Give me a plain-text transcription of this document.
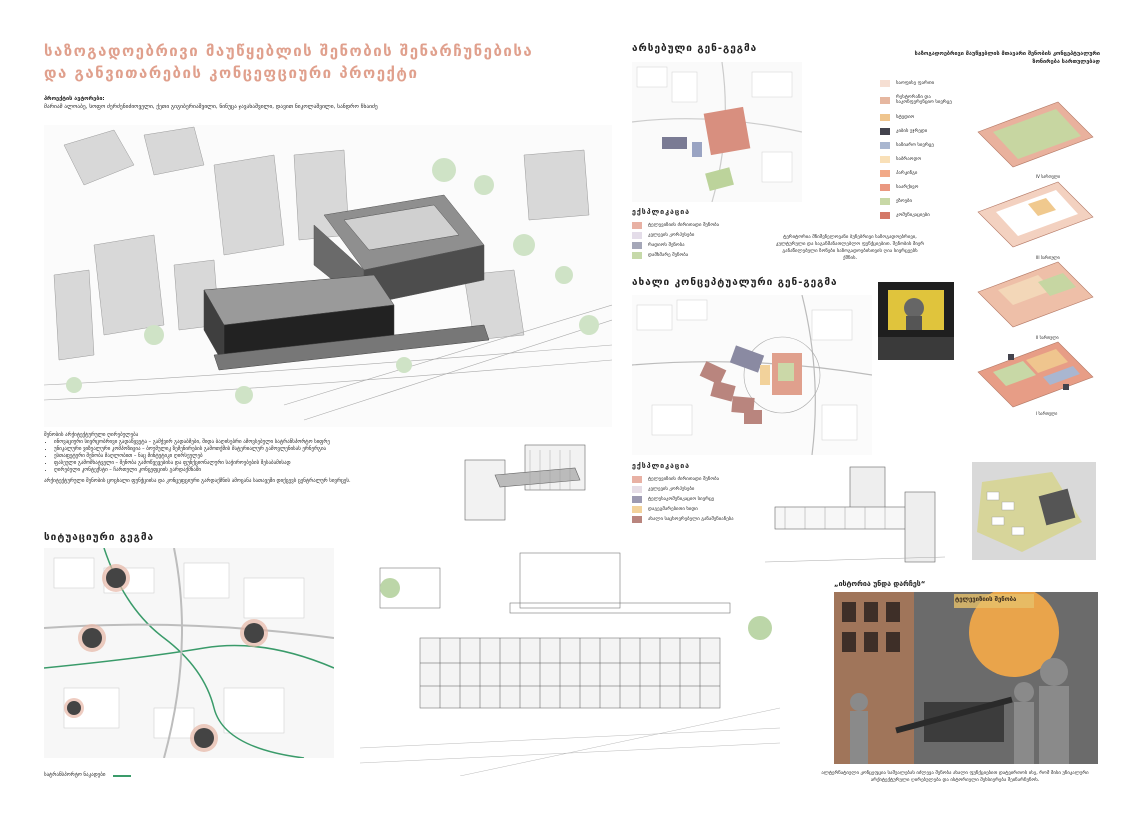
საზოგადოებრივი მაუწყებლის შენობის შენარჩუნებისა
და განვითარების კონცეფციური პროექტი
პროექტის ავტორები:
მარიამ ალოაბე, სოფო ძერძენიძიოველი, ქეთი გიგიბერიაშვილი, ნინუცა ჯავახაშვილი, დავით ნიკოლაშვილი, სანდრო ჩხაიძე
შენობის არქიტექტურული ღირებულება
• ინოვაციური სივრცობრივი გადაწყვეტა – გამჭვირ გადაბმები, შიდა ბაღისებრი ამოვსებული სატრანსპორტო სიფრე
• უნიკალური ვიზუალური კომპოზიცია – ბოუმულიკ ზემენირების გამოთქმის მატერიალურ გამოვლენისას ერნერგია
• ესთაფეტური შენობა მაღლობით – ნაც მინტუტიკი ღირსეულებ
• ფასეული გამომხატველი – შენობა გამოწვევებისა და ფუნქციონალური საჭიროებების შესაბამისად
• ღირებული კონტექსტი – ჩართული კონცეფციის გარდაქმნაში
არქიტექტურული შენობის ცოცხალი ფუნქციისა და კონცეფციური გარდაქმნის ამოცანა სათავეში დიქცევს ცენტრალურ სივრცეს.
სიტუაციური გეგმა
სატრანსპორტო ნაკადები
არსებული გენ-გეგმა
ექსპლიკაცია
ტელევიზიის ძირითადი შენობა
კვლევის კორპუსები
რადიოს შენობა
დამხმარე შენობა
ტერიტორია მნიშვნელოვანი ბუნებრივი საზოგადოებრივი, კულტურული და საგანმანათლებლო ფუნქციებით. შენობის მიერ განაწილებული ზონები საზოგადოებისთვის ღია სივრცეებს ქმნის.
ახალი კონცეპტუალური გენ-გეგმა
ექსპლიკაცია
ტელევიზიის ძირითადი შენობა
კვლევის კორპუსები
ტელესაკომუნიკაციო სივრცე
დაგეგმარებითი ხიდი
ახალი საცხოვრებელი განაშენიანება
საზოგადოებრივი მაუწყებლის მთავარი შენობის კონცეპტუალური ზონირება სართულებად
საოფისე ფართი
რესტორანი და საკონფერენციო სივრცე
სტუდიო
კიბის უჯრედი
საზიარო სივრცე
საბრაოდო
პარკინგი
საარქივო
ეზოები
კომუნიკაციები
IV სართული
III სართული
II სართული
I სართული
„ისტორია უნდა დარჩეს“
ტელევიზიის შენობა
ალტერნატიული კონცეფცია საშუალებას იძლევა შენობა ახალი ფუნქციებით დატვირთოს ისე, რომ მისი უნიკალური არქიტექტურული ღირებულება და ისტორიული მეხსიერება შეინარჩუნოს.
